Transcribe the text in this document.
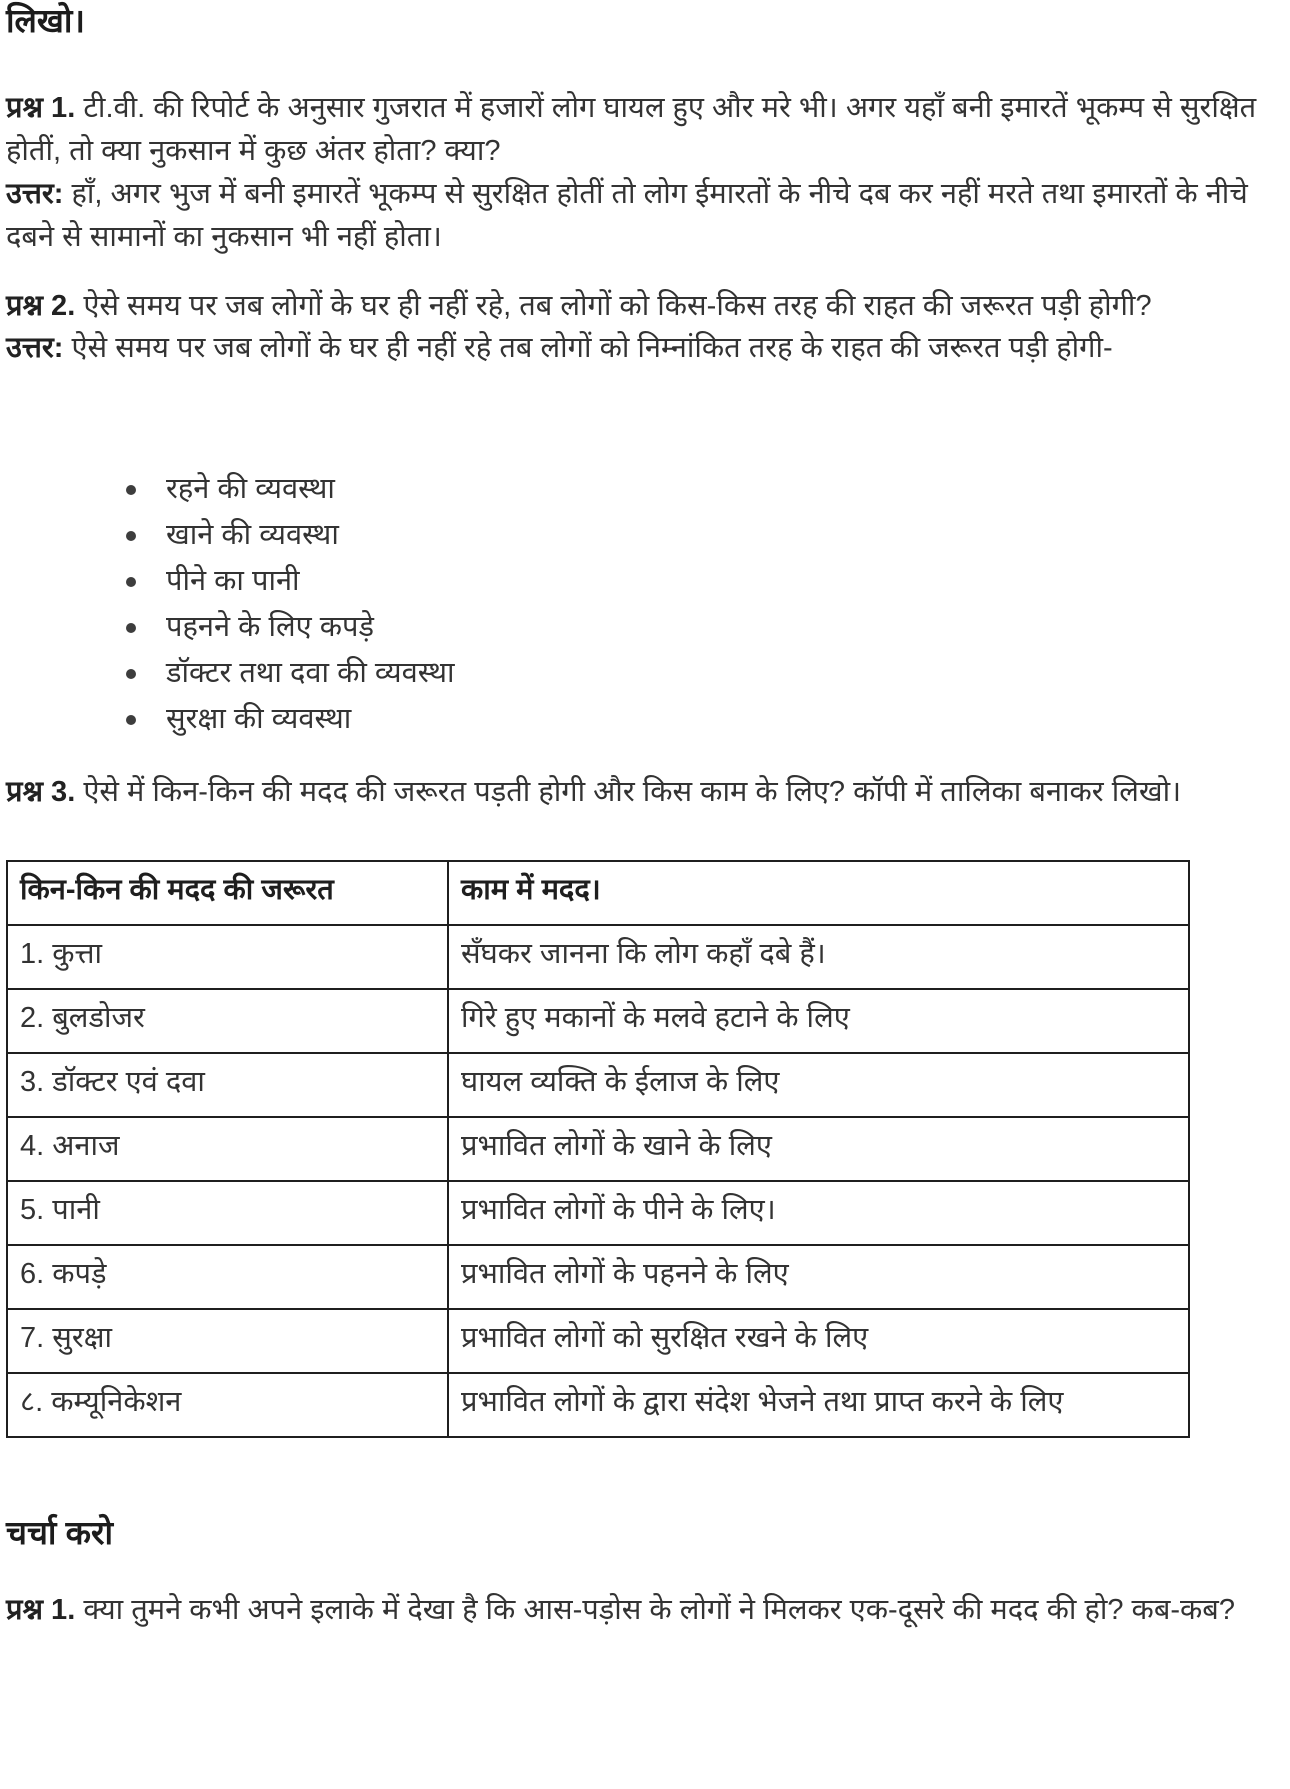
लिखो।

प्रश्न 1. टी.वी. की रिपोर्ट के अनुसार गुजरात में हजारों लोग घायल हुए और मरे भी। अगर यहाँ बनी इमारतें भूकम्प से सुरक्षित होतीं, तो क्या नुकसान में कुछ अंतर होता? क्या?

उत्तर: हाँ, अगर भुज में बनी इमारतें भूकम्प से सुरक्षित होतीं तो लोग ईमारतों के नीचे दब कर नहीं मरते तथा इमारतों के नीचे दबने से सामानों का नुकसान भी नहीं होता।

प्रश्न 2. ऐसे समय पर जब लोगों के घर ही नहीं रहे, तब लोगों को किस-किस तरह की राहत की जरूरत पड़ी होगी?

उत्तर: ऐसे समय पर जब लोगों के घर ही नहीं रहे तब लोगों को निम्नांकित तरह के राहत की जरूरत पड़ी होगी-

रहने की व्यवस्था
खाने की व्यवस्था
पीने का पानी
पहनने के लिए कपड़े
डॉक्टर तथा दवा की व्यवस्था
सुरक्षा की व्यवस्था

प्रश्न 3. ऐसे में किन-किन की मदद की जरूरत पड़ती होगी और किस काम के लिए? कॉपी में तालिका बनाकर लिखो।

किन-किन की मदद की जरूरत	काम में मदद।
1. कुत्ता	सँघकर जानना कि लोग कहाँ दबे हैं।
2. बुलडोजर	गिरे हुए मकानों के मलवे हटाने के लिए
3. डॉक्टर एवं दवा	घायल व्यक्ति के ईलाज के लिए
4. अनाज	प्रभावित लोगों के खाने के लिए
5. पानी	प्रभावित लोगों के पीने के लिए।
6. कपड़े	प्रभावित लोगों के पहनने के लिए
7. सुरक्षा	प्रभावित लोगों को सुरक्षित रखने के लिए
८. कम्यूनिकेशन	प्रभावित लोगों के द्वारा संदेश भेजने तथा प्राप्त करने के लिए
चर्चा करो

प्रश्न 1. क्या तुमने कभी अपने इलाके में देखा है कि आस-पड़ोस के लोगों ने मिलकर एक-दूसरे की मदद की हो? कब-कब?
